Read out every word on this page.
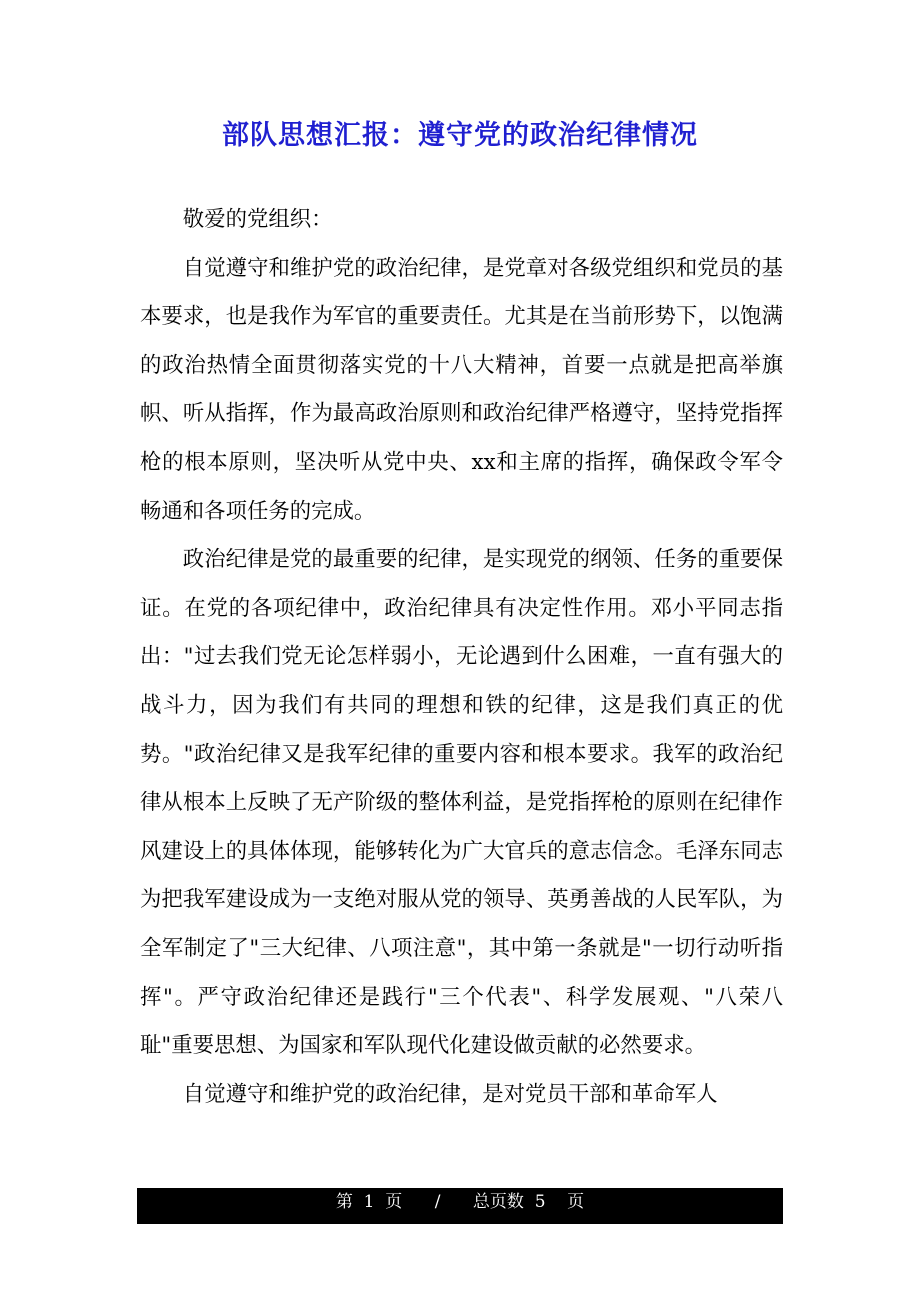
部队思想汇报：遵守党的政治纪律情况

敬爱的党组织：

自觉遵守和维护党的政治纪律，是党章对各级党组织和党员的基本要求，也是我作为军官的重要责任。尤其是在当前形势下，以饱满的政治热情全面贯彻落实党的十八大精神，首要一点就是把高举旗帜、听从指挥，作为最高政治原则和政治纪律严格遵守，坚持党指挥枪的根本原则，坚决听从党中央、xx和主席的指挥，确保政令军令畅通和各项任务的完成。

政治纪律是党的最重要的纪律，是实现党的纲领、任务的重要保证。在党的各项纪律中，政治纪律具有决定性作用。邓小平同志指出："过去我们党无论怎样弱小，无论遇到什么困难，一直有强大的战斗力，因为我们有共同的理想和铁的纪律，这是我们真正的优势。"政治纪律又是我军纪律的重要内容和根本要求。我军的政治纪律从根本上反映了无产阶级的整体利益，是党指挥枪的原则在纪律作风建设上的具体体现，能够转化为广大官兵的意志信念。毛泽东同志为把我军建设成为一支绝对服从党的领导、英勇善战的人民军队，为全军制定了"三大纪律、八项注意"，其中第一条就是"一切行动听指挥"。严守政治纪律还是践行"三个代表"、科学发展观、"八荣八耻"重要思想、为国家和军队现代化建设做贡献的必然要求。

自觉遵守和维护党的政治纪律，是对党员干部和革命军人

第
1
页
/
总页数
5
页
